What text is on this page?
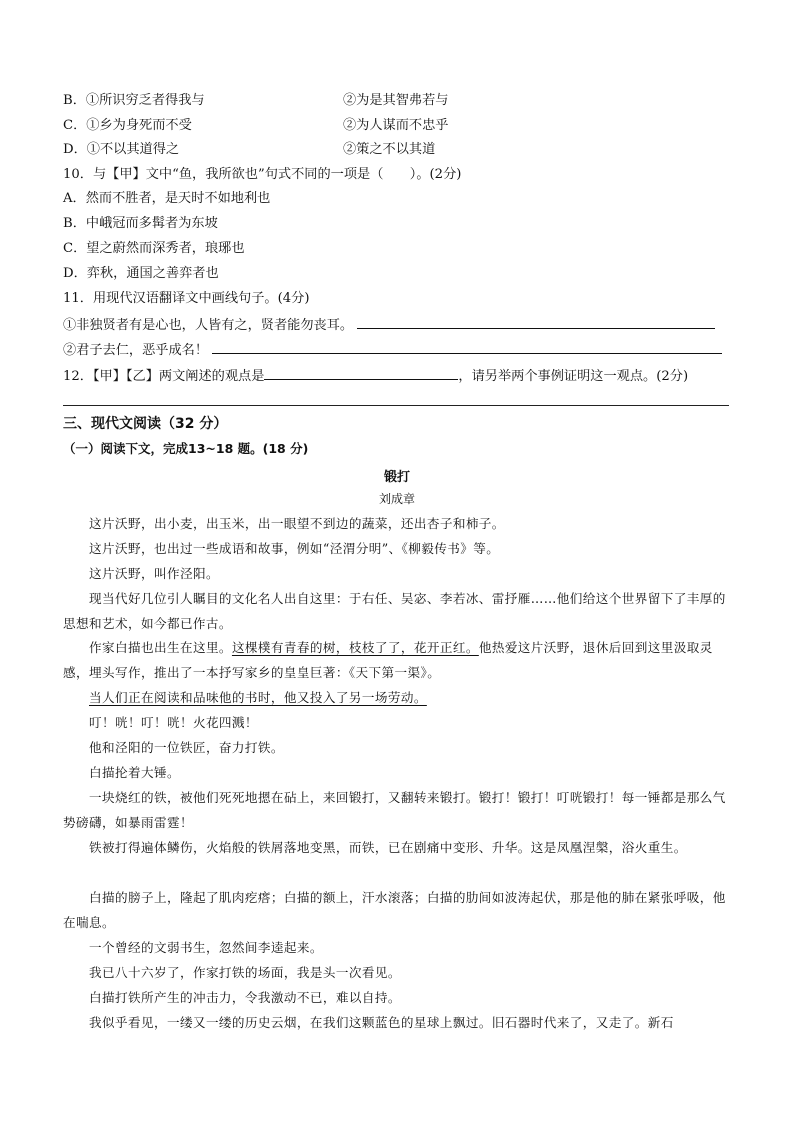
B．①所识穷乏者得我与	②为是其智弗若与
C．①乡为身死而不受	②为人谋而不忠乎
D．①不以其道得之	②策之不以其道
10．与【甲】文中“鱼，我所欲也”句式不同的一项是（　　）。(2分)
A．然而不胜者，是天时不如地利也
B．中峨冠而多髯者为东坡
C．望之蔚然而深秀者，琅琊也
D．弈秋，通国之善弈者也
11．用现代汉语翻译文中画线句子。(4分)
①非独贤者有是心也，人皆有之，贤者能勿丧耳。
②君子去仁，恶乎成名！
12．【甲】【乙】两文阐述的观点是	，请另举两个事例证明这一观点。(2分)
三、现代文阅读（32 分）
（一）阅读下文，完成13~18 题。(18 分)
锻打
刘成章
这片沃野，出小麦，出玉米，出一眼望不到边的蔬菜，还出杏子和柿子。
这片沃野，也出过一些成语和故事，例如“泾渭分明”、《柳毅传书》等。
这片沃野，叫作泾阳。
现当代好几位引人瞩目的文化名人出自这里：于右任、吴宓、李若冰、雷抒雁……他们给这个世界留下了丰厚的思想和艺术，如今都已作古。
作家白描也出生在这里。这棵樸有青春的树，枝枝了了，花开正红。他热爱这片沃野，退休后回到这里汲取灵感，埋头写作，推出了一本抒写家乡的皇皇巨著：《天下第一渠》。
当人们正在阅读和品味他的书时，他又投入了另一场劳动。
叮！咣！叮！咣！火花四溅！
他和泾阳的一位铁匠，奋力打铁。
白描抡着大锤。
一块烧红的铁，被他们死死地摁在砧上，来回锻打，又翻转来锻打。锻打！锻打！叮咣锻打！每一锤都是那么气势磅礴，如暴雨雷霆！
铁被打得遍体鳞伤，火焰般的铁屑落地变黑，而铁，已在剧痛中变形、升华。这是凤凰涅槃，浴火重生。
白描的膀子上，隆起了肌肉疙瘩；白描的额上，汗水滚落；白描的肋间如波涛起伏，那是他的肺在紧张呼吸，他在喘息。
一个曾经的文弱书生，忽然间李逵起来。
我已八十六岁了，作家打铁的场面，我是头一次看见。
白描打铁所产生的冲击力，令我激动不已，难以自持。
我似乎看见，一缕又一缕的历史云烟，在我们这颗蓝色的星球上飘过。旧石器时代来了，又走了。新石
